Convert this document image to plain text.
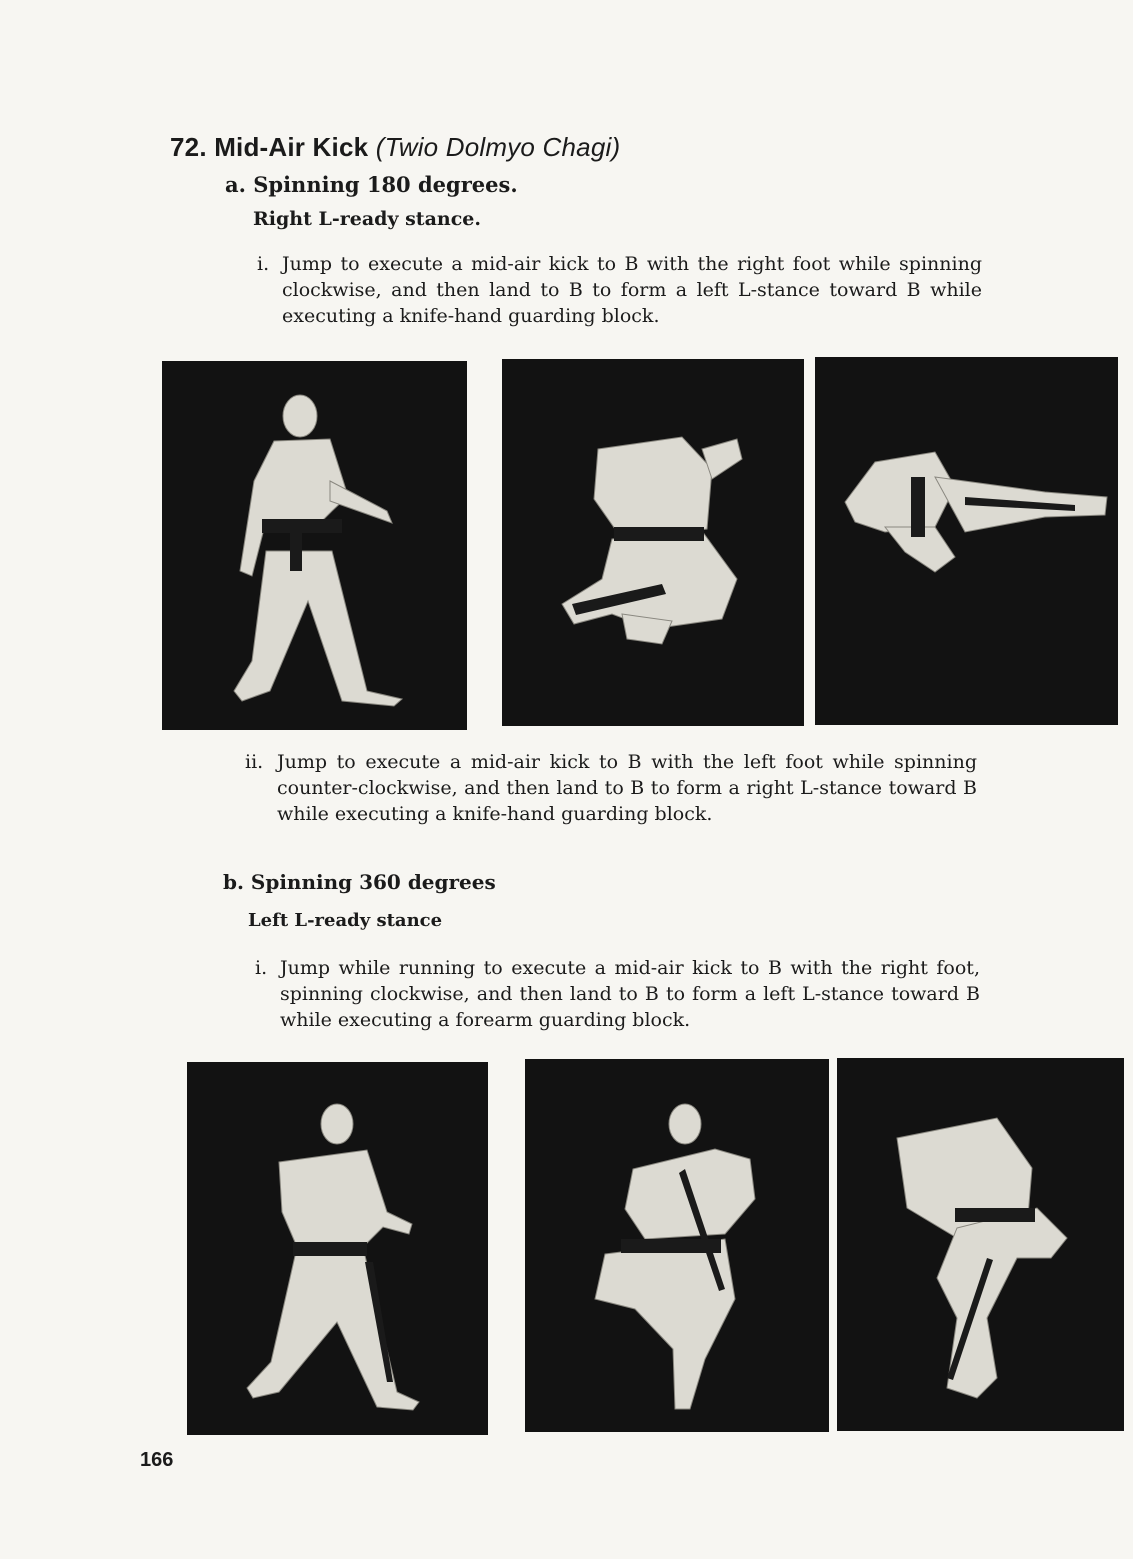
72. Mid-Air Kick (Twio Dolmyo Chagi)
a. Spinning 180 degrees.
Right L-ready stance.
i. Jump to execute a mid-air kick to B with the right foot while spinning clockwise, and then land to B to form a left L-stance toward B while executing a knife-hand guarding block.
ii. Jump to execute a mid-air kick to B with the left foot while spinning counter-clockwise, and then land to B to form a right L-stance toward B while executing a knife-hand guarding block.
b. Spinning 360 degrees
Left L-ready stance
i. Jump while running to execute a mid-air kick to B with the right foot, spinning clockwise, and then land to B to form a left L-stance toward B while executing a forearm guarding block.
166
